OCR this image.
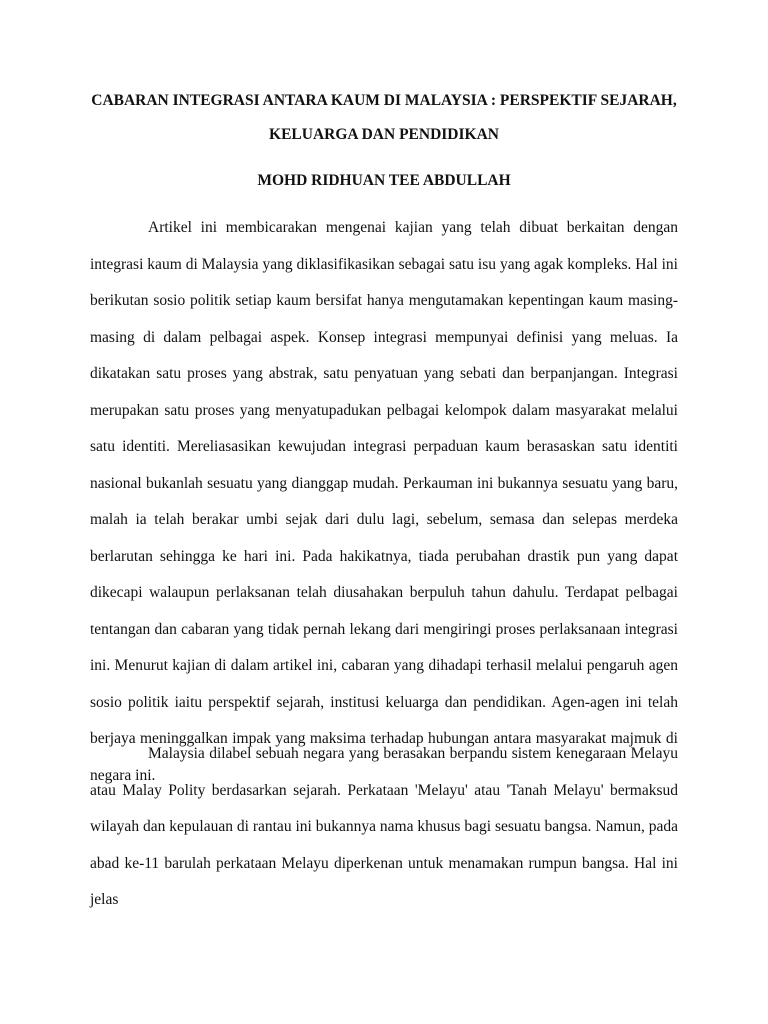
CABARAN INTEGRASI ANTARA KAUM DI MALAYSIA : PERSPEKTIF SEJARAH,
KELUARGA DAN PENDIDIKAN
MOHD RIDHUAN TEE ABDULLAH

Artikel ini membicarakan mengenai kajian yang telah dibuat berkaitan dengan integrasi kaum di Malaysia yang diklasifikasikan sebagai satu isu yang agak kompleks. Hal ini berikutan sosio politik setiap kaum bersifat hanya mengutamakan kepentingan kaum masing-masing di dalam pelbagai aspek. Konsep integrasi mempunyai definisi yang meluas. Ia dikatakan satu proses yang abstrak, satu penyatuan yang sebati dan berpanjangan. Integrasi merupakan satu proses yang menyatupadukan pelbagai kelompok dalam masyarakat melalui satu identiti. Mereliasasikan kewujudan integrasi perpaduan kaum berasaskan satu identiti nasional bukanlah sesuatu yang dianggap mudah. Perkauman ini bukannya sesuatu yang baru, malah ia telah berakar umbi sejak dari dulu lagi, sebelum, semasa dan selepas merdeka berlarutan sehingga ke hari ini. Pada hakikatnya, tiada perubahan drastik pun yang dapat dikecapi walaupun perlaksanan telah diusahakan berpuluh tahun dahulu. Terdapat pelbagai tentangan dan cabaran yang tidak pernah lekang dari mengiringi proses perlaksanaan integrasi ini. Menurut kajian di dalam artikel ini, cabaran yang dihadapi terhasil melalui pengaruh agen sosio politik iaitu perspektif sejarah, institusi keluarga dan pendidikan. Agen-agen ini telah berjaya meninggalkan impak yang maksima terhadap hubungan antara masyarakat majmuk di negara ini.

Malaysia dilabel sebuah negara yang berasakan berpandu sistem kenegaraan Melayu atau Malay Polity berdasarkan sejarah. Perkataan 'Melayu' atau 'Tanah Melayu' bermaksud wilayah dan kepulauan di rantau ini bukannya nama khusus bagi sesuatu bangsa. Namun, pada abad ke-11 barulah perkataan Melayu diperkenan untuk menamakan rumpun bangsa. Hal ini jelas
